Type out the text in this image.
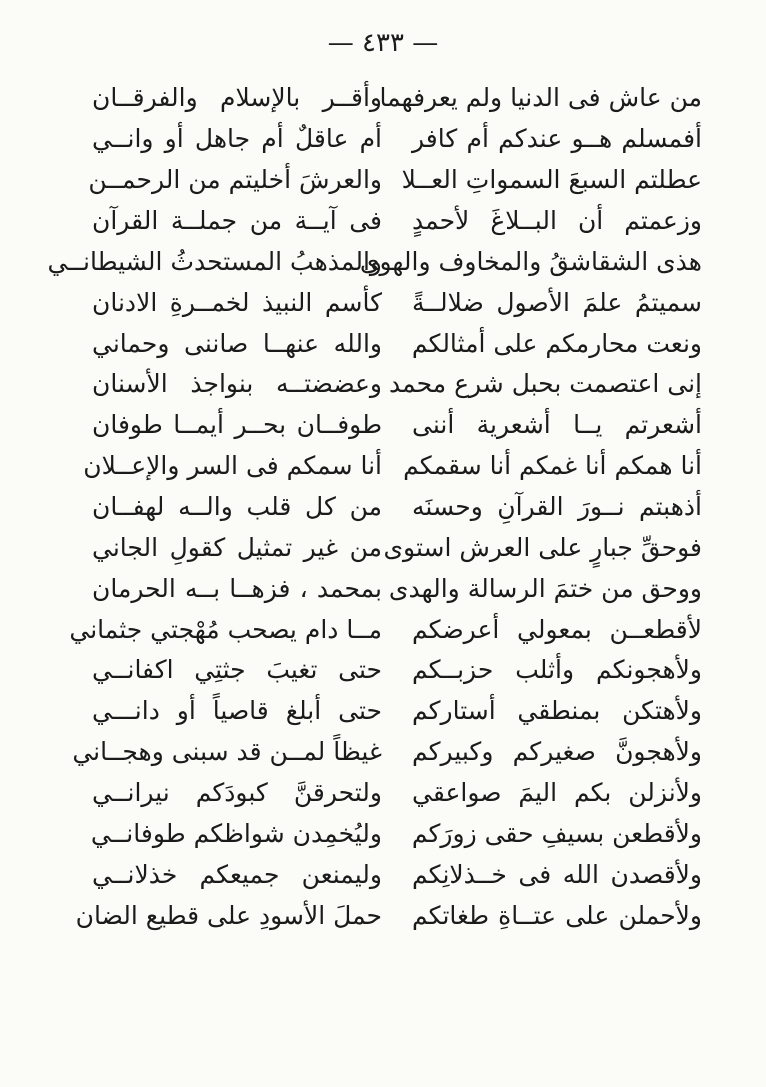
— ٤٣٣ —
من عاش فى الدنيا ولم يعرفهما
وأقــر بالإسلام والفرقــان
أفمسلم هــو عندكم أم كافر
أم عاقلٌ أم جاهل أو وانــي
عطلتم السبعَ السمواتِ العــلا
والعرشَ أخليتم من الرحمــن
وزعمتم أن البــلاغَ لأحمدٍ
فى آيــة من جملــة القرآن
هذى الشقاشقُ والمخاوف والهوى
والمذهبُ المستحدثُ الشيطانــي
سميتمُ علمَ الأصول ضلالــةً
كأسم النبيذ لخمــرةِ الادنان
ونعت محارمكم على أمثالكم
والله عنهــا صاننى وحماني
إنى اعتصمت بحبل شرع محمد
وعضضتــه بنواجذ الأسنان
أشعرتم يــا أشعرية أننى
طوفــان بحــر أيمــا طوفان
أنا همكم أنا غمكم أنا سقمكم
أنا سمكم فى السر والإعــلان
أذهبتم نــورَ القرآنِ وحسنَه
من كل قلب والــه لهفــان
فوحقِّ جبارٍ على العرش استوى
من غير تمثيل كقولِ الجاني
ووحق من ختمَ الرسالة والهدى
بمحمد ، فزهــا بــه الحرمان
لأقطعــن بمعولي أعرضكم
مــا دام يصحب مُهْجتي جثماني
ولأهجونكم وأثلب حزبــكم
حتى تغيبَ جثتِي اكفانــي
ولأهتكن بمنطقي أستاركم
حتى أبلغ قاصياً أو دانـــي
ولأهجونَّ صغيركم وكبيركم
غيظاً لمــن قد سبنى وهجــاني
ولأنزلن بكم اليمَ صواعقي
ولتحرقنَّ كبودَكم نيرانــي
ولأقطعن بسيفِ حقى زورَكم
وليُخمِدن شواظكم طوفانــي
ولأقصدن الله فى خــذلانِكم
وليمنعن جميعكم خذلانــي
ولأحملن على عتــاةِ طغاتكم
حملَ الأسودِ على قطيع الضان
